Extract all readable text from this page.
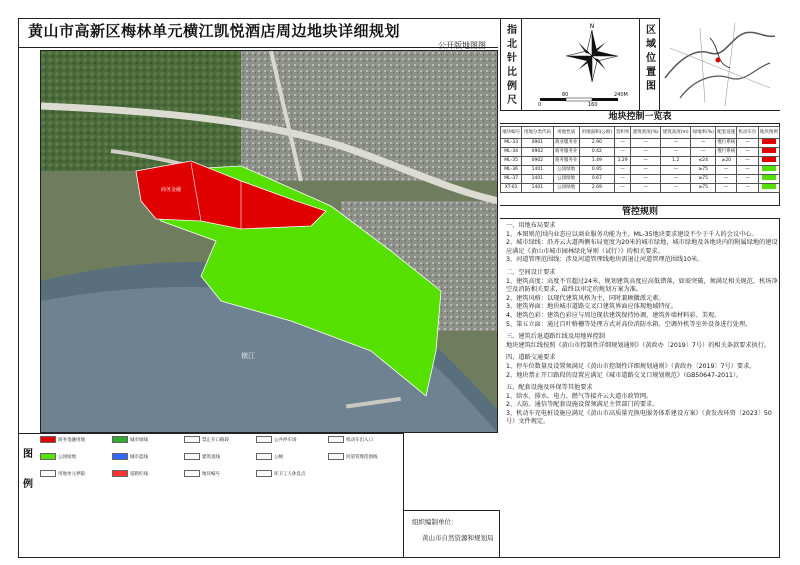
黄山市高新区梅林单元横江凯悦酒店周边地块详细规划
公开版地图图
商务金融
横江
指
北
针
比
例
尺
N
0
80
160
240M
区
域
位
置
图
地块控制一览表
地块编号	用地分类代码	用地性质	用地面积(公顷)	容积率	建筑密度(%)	建筑高度(m)	绿地率(%)	配套设施	机动车位	地块图例
ML-33	0901	商业服务业	2.90	—	—	—	—	慢行系统	—	
ML-34	0902	商务服务业	0.42	—	—	—	—	慢行系统	—	
ML-35	0902	商务服务业	1.49	1.29	—	1.2	≤24	≥20	—	
ML-36	1401	公园绿地	0.95	—	—	—	≥75	—	—	
ML-37	1401	公园绿地	0.67	—	—	—	≥75	—	—	
XT-01	1401	公园绿地	2.69	—	—	—	≥75	—	—	
管控规则

一、用地布局要求

1、本图则范围内业态应以商业服务功能为主。ML-35地块要求建设不少于千人的会议中心。

2、城市绿线：沿齐云大道两侧布局宽度为20米的城市绿地，城市绿地及各地块内的附属绿地的建设应满足《黄山市城市园林绿化导则（试行）》的相关要求。

3、河道管理范围线：涉及河道管理线地块需退让河道管理范围线10米。

二、空间设计要求

1、建筑高度：高度不宜超过24米，规划建筑高度应高低错落，如需突破，须满足相关规范，机场净空及消防相关要求，最终以审定的规划方案为准。

2、建筑风格：以现代建筑风格为主，同时兼顾徽派元素。

3、建筑界面：地块城市道路交叉口建筑界面应体现地域特征。

4、建筑色彩：建筑色彩应与周边现状建筑保持协调，建筑外墙材料彩、美观。

5、第五立面：通过百叶格栅等处理方式对高位消防水箱、空调外机等室外设备进行处理。

三、建筑后退道路红线及用地界控制

地块建筑红线按照《黄山市控制性详细规划通则》（黄政办〔2019〕7号）的相关条款要求执行。

四、道路交通要求

1、停车位数量及设置须满足《黄山市控制性详细规划通则》（黄政办〔2019〕7号）要求。

2、地块禁止开口路段的设置应满足《城市道路交叉口规划规范》（GB50647-2011）。

五、配套设施及环保等其他要求

1、给水、排水、电力、燃气等接齐云大道市政管网。

2、人防、通信等配套设施设置须满足主管部门的要求。

3、机动车充电桩设施应满足《黄山市高质量充换电服务体系建设方案》（黄发改环资〔2023〕50号）文件规定。

图
例
商务金融用地
公园绿地
用地单元界限
城市绿线
城市蓝线
道路红线
禁止开口路段
建筑退线
地块编号
公共停车场
公厕
环卫工人休息点
机动车出入口
河道管理范围线
组织编制单位：
黄山市自然资源和规划局
